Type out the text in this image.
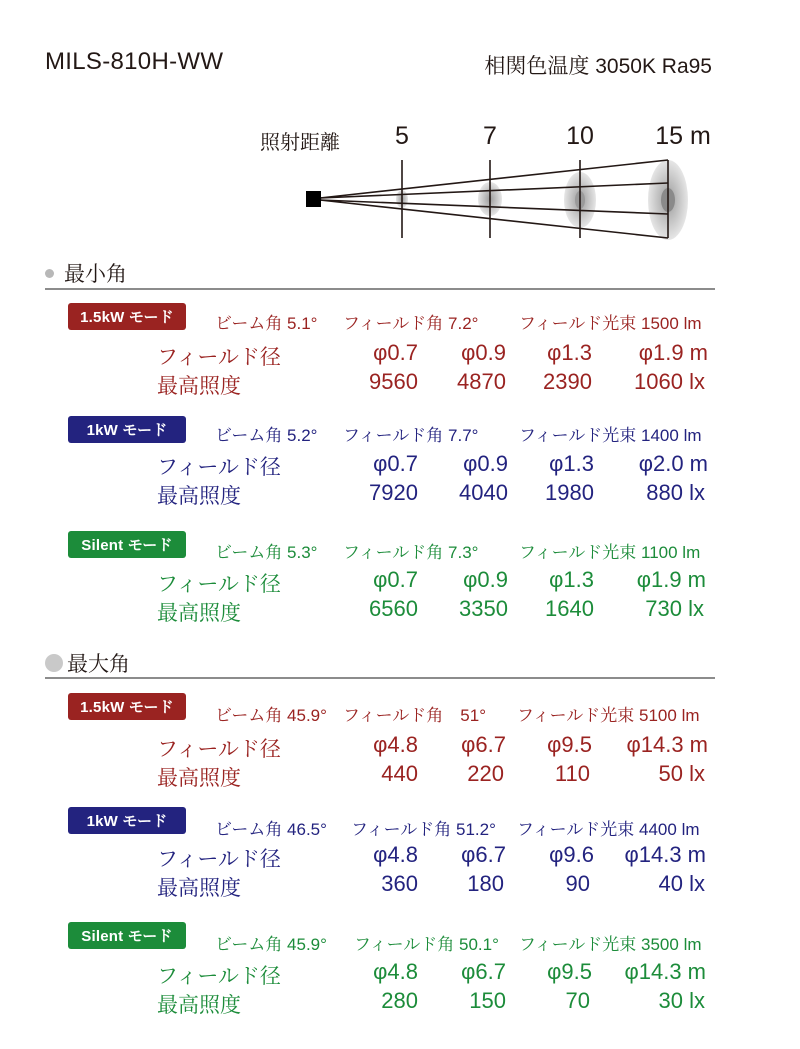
MILS-810H-WW	相関色温度 3050K Ra95
照射距離 5	7	10 15 m
最小角
1.5kW モード	ビーム角 5.1° フィールド角 7.2° フィールド光束 1500 lm
フィールド径	φ0.7 φ0.9 φ1.3 φ1.9 m
最高照度	9560 4870 2390 1060 lx
1kW モード	ビーム角 5.2° フィールド角 7.7° フィールド光束 1400 lm
フィールド径	φ0.7 φ0.9 φ1.3 φ2.0 m
最高照度	7920 4040 1980 880 lx
Silent モード	ビーム角 5.3° フィールド角 7.3° フィールド光束 1100 lm
フィールド径	φ0.7 φ0.9 φ1.3 φ1.9 m
最高照度	6560 3350 1640 730 lx
最大角
1.5kW モード	ビーム角 45.9° フィールド角　51° フィールド光束 5100 lm
フィールド径	φ4.8 φ6.7 φ9.5 φ14.3 m
最高照度	440 220 110	50 lx
1kW モード	ビーム角 46.5° フィールド角 51.2° フィールド光束 4400 lm
フィールド径	φ4.8 φ6.7 φ9.6 φ14.3 m
最高照度	360 180	90	40 lx
Silent モード	ビーム角 45.9° フィールド角 50.1° フィールド光束 3500 lm
フィールド径	φ4.8 φ6.7 φ9.5 φ14.3 m
最高照度	280 150	70	30 lx
